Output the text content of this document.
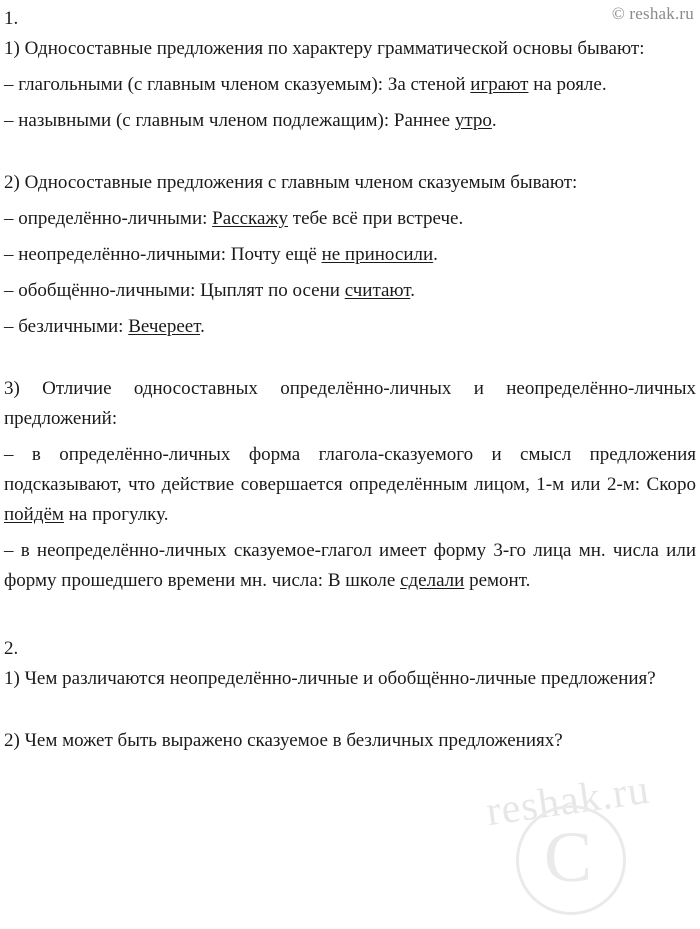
© reshak.ru
1.

1) Односоставные предложения по характеру грамматической основы бывают:

– глагольными (с главным членом сказуемым): За стеной играют на рояле.

– назывными (с главным членом подлежащим): Раннее утро.

2) Односоставные предложения с главным членом сказуемым бывают:

– определённо-личными: Расскажу тебе всё при встрече.

– неопределённо-личными: Почту ещё не приносили.

– обобщённо-личными: Цыплят по осени считают.

– безличными: Вечереет.

3) Отличие односоставных определённо-личных и неопределённо-личных предложений:

– в определённо-личных форма глагола-сказуемого и смысл предложения подсказывают, что действие совершается определённым лицом, 1-м или 2-м: Скоро пойдём на прогулку.

– в неопределённо-личных сказуемое-глагол имеет форму 3-го лица мн. числа или форму прошедшего времени мн. числа: В школе сделали ремонт.

2.

1) Чем различаются неопределённо-личные и обобщённо-личные предложения?

2) Чем может быть выражено сказуемое в безличных предложениях?

reshak.ru
C
